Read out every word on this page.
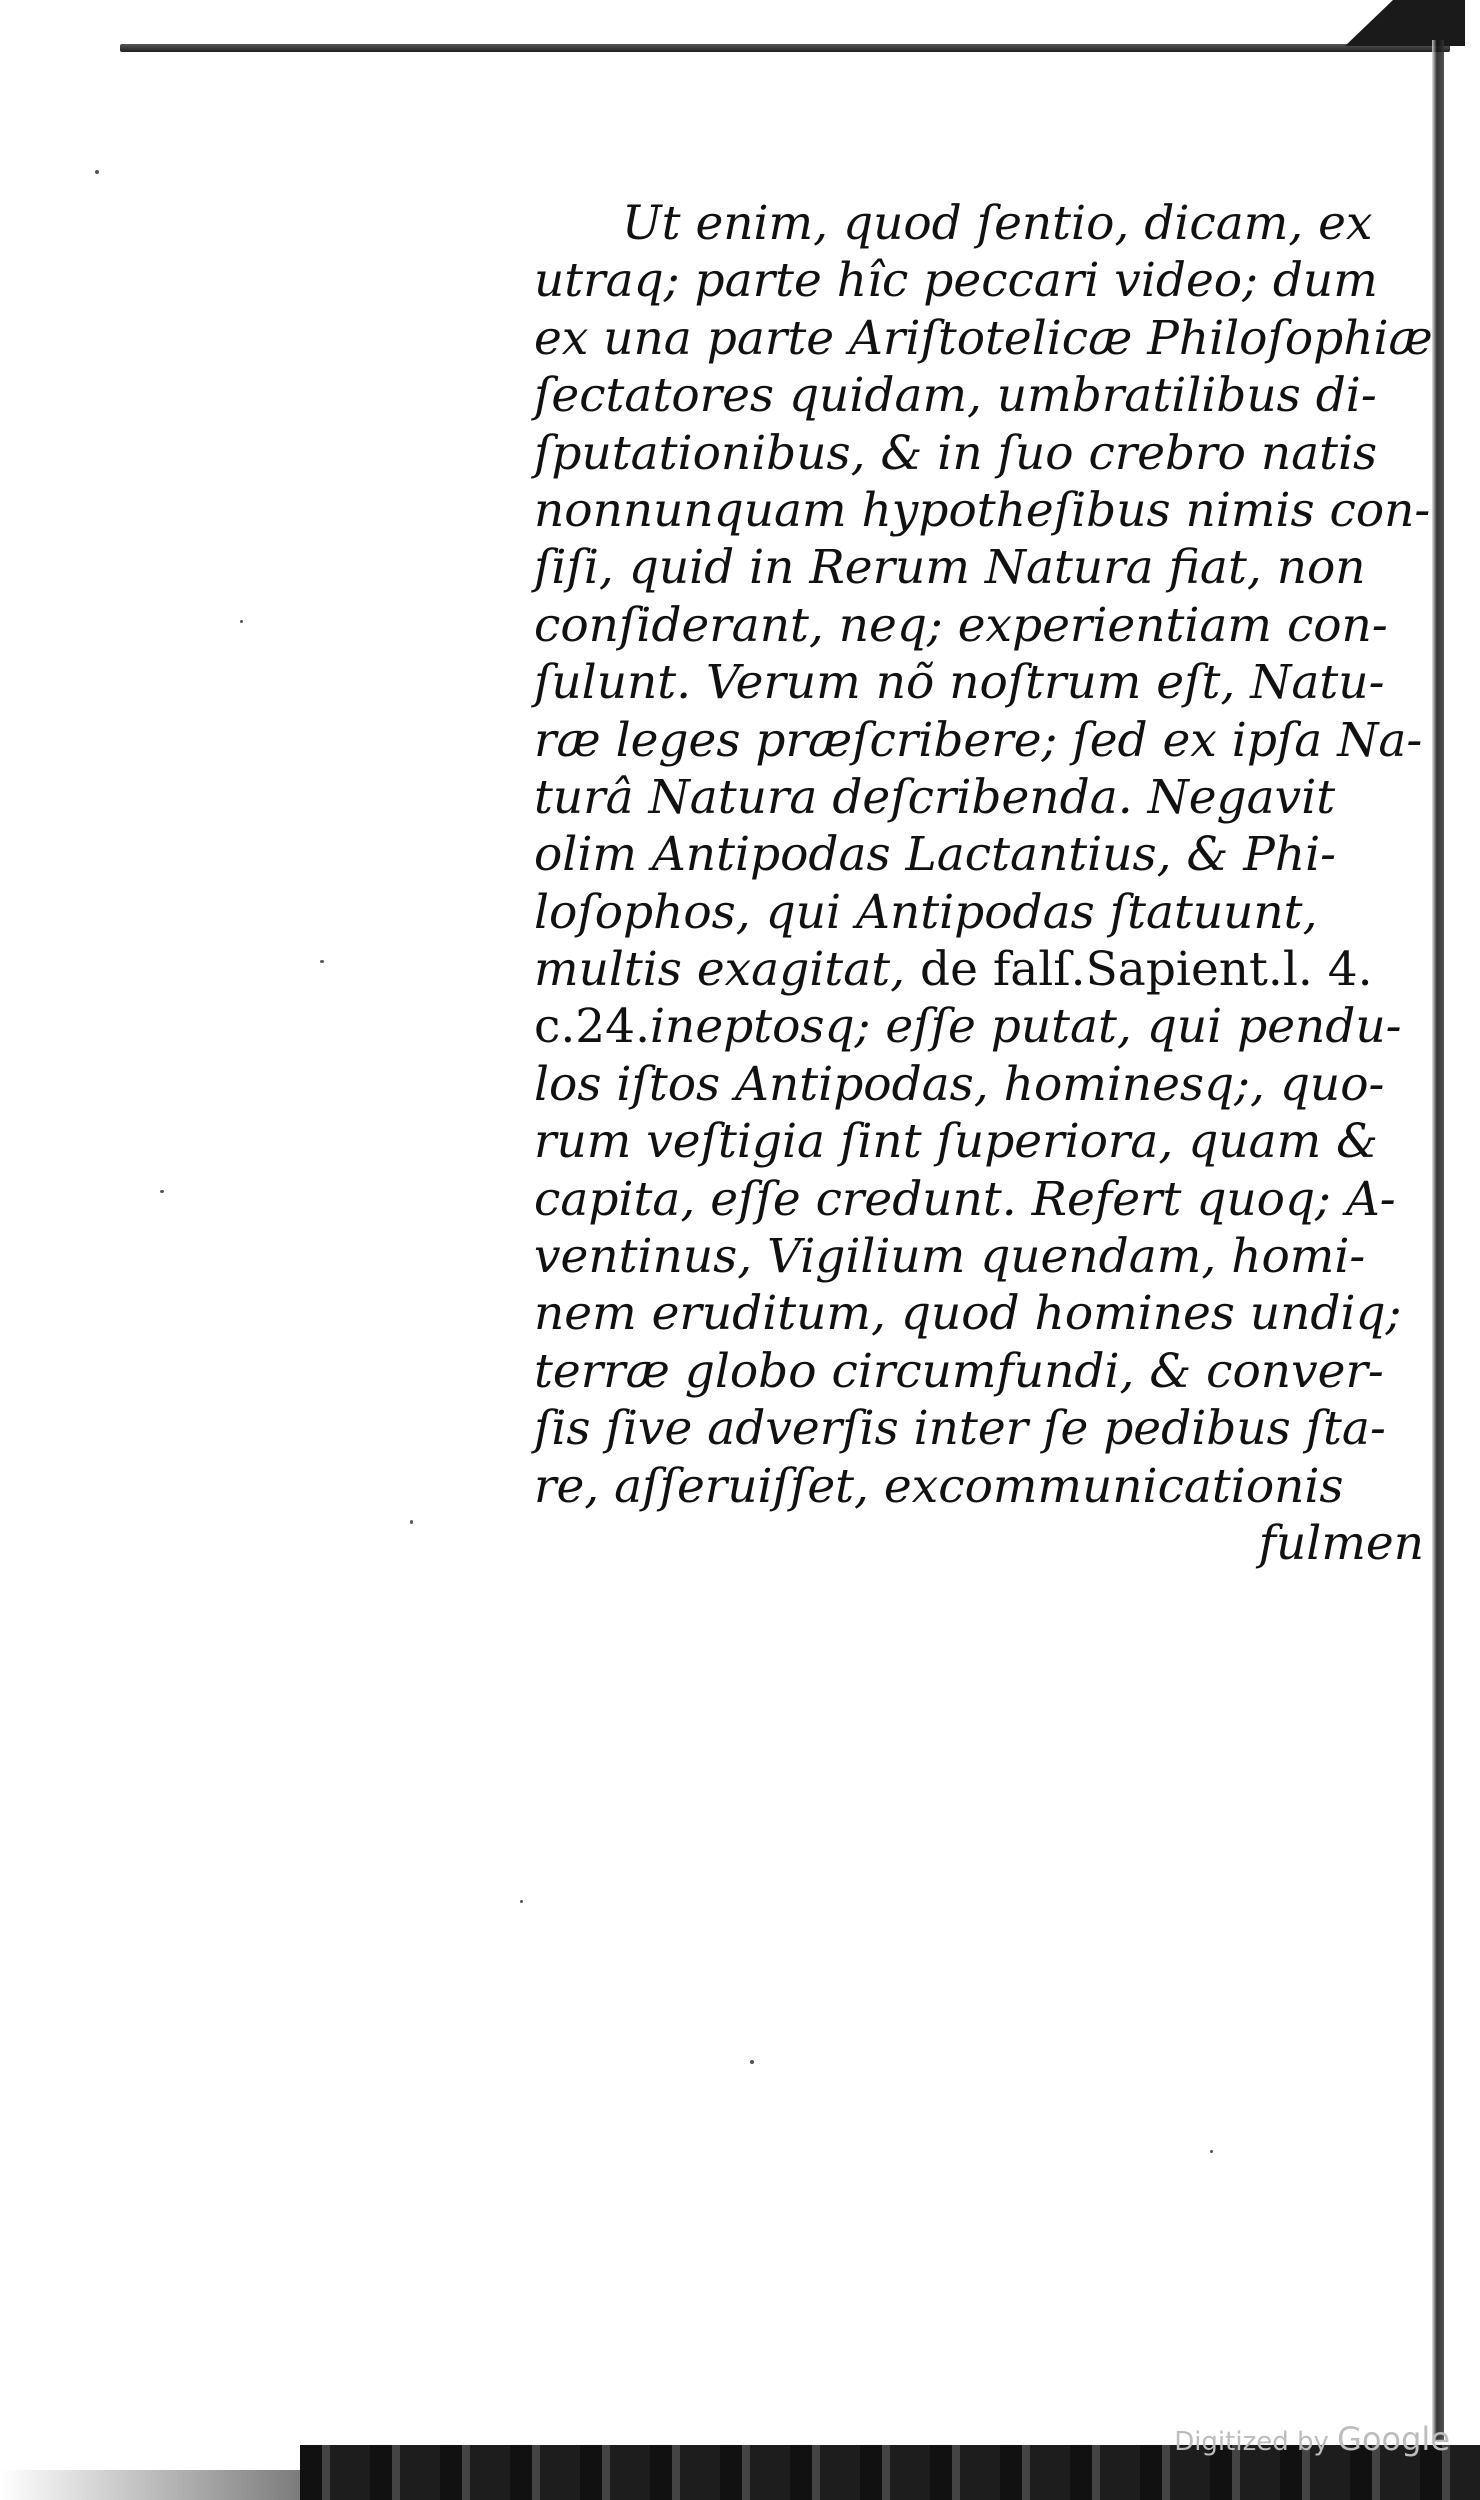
Ut enim, quod ſentio, dicam, ex
utraq; parte hîc peccari video; dum
ex una parte Ariſtotelicæ Philoſophiæ
ſectatores quidam, umbratilibus di-
ſputationibus, & in ſuo crebro natis
nonnunquam hypotheſibus nimis con-
ſiſi, quid in Rerum Natura fiat, non
conſiderant, neq; experientiam con-
ſulunt. Verum nõ noſtrum eſt, Natu-
ræ leges præſcribere; ſed ex ipſa Na-
turâ Natura deſcribenda. Negavit
olim Antipodas Lactantius, & Phi-
loſophos, qui Antipodas ſtatuunt,
multis exagitat, de falſ.Sapient.l. 4.
c.24.ineptosq; eſſe putat, qui pendu-
los iſtos Antipodas, hominesq;, quo-
rum veſtigia ſint ſuperiora, quam &
capita, eſſe credunt. Refert quoq; A-
ventinus, Vigilium quendam, homi-
nem eruditum, quod homines undiq;
terræ globo circumfundi, & conver-
ſis ſive adverſis inter ſe pedibus ſta-
re, aſſeruiſſet, excommunicationis
fulmen
Digitized by Google
